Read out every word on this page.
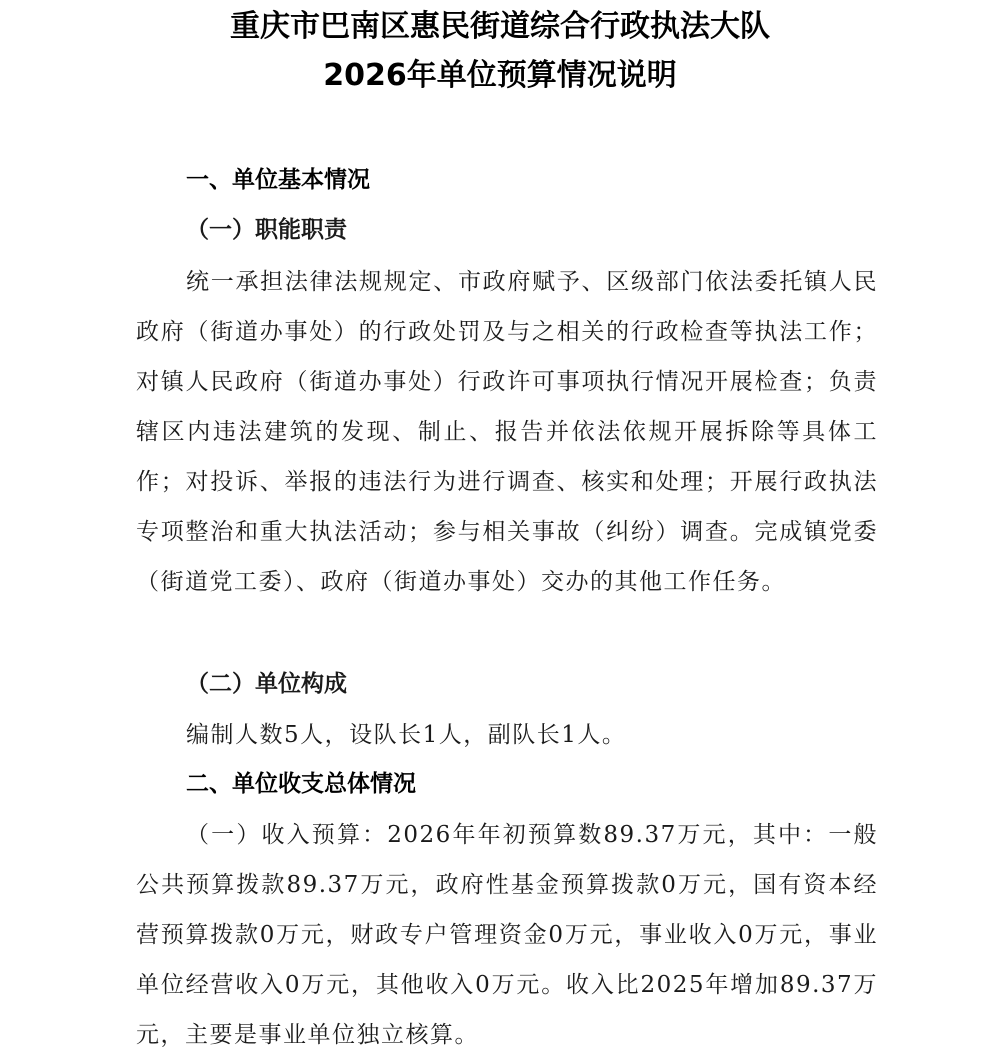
重庆市巴南区惠民街道综合行政执法大队
2026年单位预算情况说明
一、单位基本情况
（一）职能职责

统一承担法律法规规定、市政府赋予、区级部门依法委托镇人民政府（街道办事处）的行政处罚及与之相关的行政检查等执法工作；对镇人民政府（街道办事处）行政许可事项执行情况开展检查；负责辖区内违法建筑的发现、制止、报告并依法依规开展拆除等具体工作；对投诉、举报的违法行为进行调查、核实和处理；开展行政执法专项整治和重大执法活动；参与相关事故（纠纷）调查。完成镇党委（街道党工委）、政府（街道办事处）交办的其他工作任务。

（二）单位构成

编制人数5人，设队长1人，副队长1人。

二、单位收支总体情况

（一）收入预算：2026年年初预算数89.37万元，其中：一般公共预算拨款89.37万元，政府性基金预算拨款0万元，国有资本经营预算拨款0万元，财政专户管理资金0万元，事业收入0万元，事业单位经营收入0万元，其他收入0万元。收入比2025年增加89.37万元，主要是事业单位独立核算。
